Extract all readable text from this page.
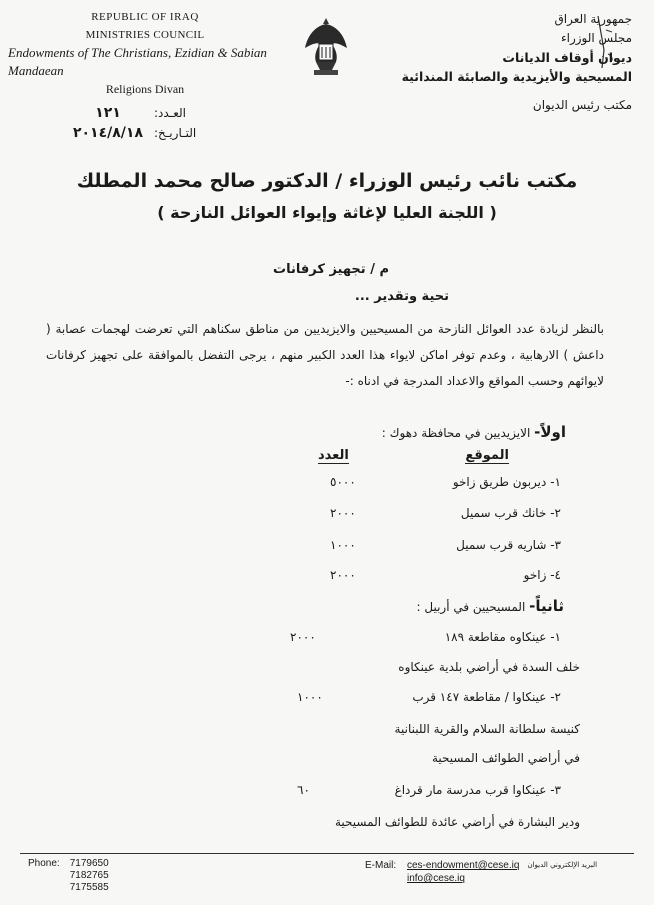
REPUBLIC OF IRAQ
MINISTRIES COUNCIL
Endowments of The Christians, Ezidian & Sabian Mandaean
Religions Divan
جمهورية العراق
مجلس الوزراء
ديوان أوقاف الديانات
المسيحية والأيزيدية والصابئة المندائية
مكتب رئيس الديوان
العـدد:
١٢١
التـاريـخ:
٢٠١٤/٨/١٨
مكتب نائب رئيس الوزراء / الدكتور صالح محمد المطلك
( اللجنة العليا لإغاثة وإيواء العوائل النازحة )
م / تجهيز كرفانات
تحية وتقدير ...
بالنظر لزيادة عدد العوائل النازحة من المسيحيين والايزيديين من مناطق سكناهم التي تعرضت لهجمات عصابة ( داعش ) الارهابية ، وعدم توفر اماكن لايواء هذا العدد الكبير منهم ، يرجى التفضل بالموافقة على تجهيز كرفانات لايوائهم وحسب المواقع والاعداد المدرجة في ادناه :-
اولاً- الايزيديين في محافظة دهوك :
الموقع
العدد
١- ديربون طريق زاخو
٥٠٠٠
٢- خانك قرب سميل
٢٠٠٠
٣- شاريه قرب سميل
١٠٠٠
٤- زاخو
٢٠٠٠
ثانياً- المسيحيين في أربيل :
١- عينكاوه مقاطعة ١٨٩
٢٠٠٠
خلف السدة في أراضي بلدية عينكاوه
٢- عينكاوا / مقاطعة ١٤٧ قرب
١٠٠٠
كنيسة سلطانة السلام والقرية اللبنانية
في أراضي الطوائف المسيحية
٣- عينكاوا قرب مدرسة مار قرداغ
٦٠
ودير البشارة في أراضي عائدة للطوائف المسيحية
Phone: 7179650
7182765
7175585
E-Mail: ces-endowment@cese.iq البريد الإلكتروني الديوان
info@cese.iq
